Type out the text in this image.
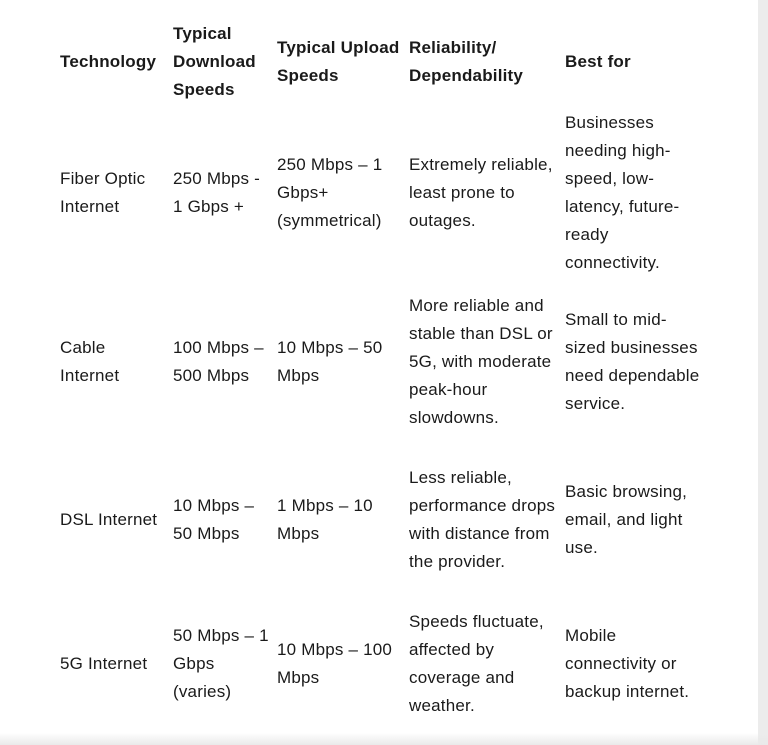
Technology	Typical Download Speeds	Typical Upload Speeds	Reliability/ Dependability	Best for
Fiber Optic Internet	250 Mbps - 1 Gbps +	250 Mbps – 1 Gbps+ (symmetrical)	Extremely reliable, least prone to outages.	Businesses needing high-speed, low-latency, future-ready connectivity.
Cable Internet	100 Mbps – 500 Mbps	10 Mbps – 50 Mbps	More reliable and stable than DSL or 5G, with moderate peak-hour slowdowns.	Small to mid-sized businesses need dependable service.
DSL Internet	10 Mbps – 50 Mbps	1 Mbps – 10 Mbps	Less reliable, performance drops with distance from the provider.	Basic browsing, email, and light use.
5G Internet	50 Mbps – 1 Gbps (varies)	10 Mbps – 100 Mbps	Speeds fluctuate, affected by coverage and weather.	Mobile connectivity or backup internet.
